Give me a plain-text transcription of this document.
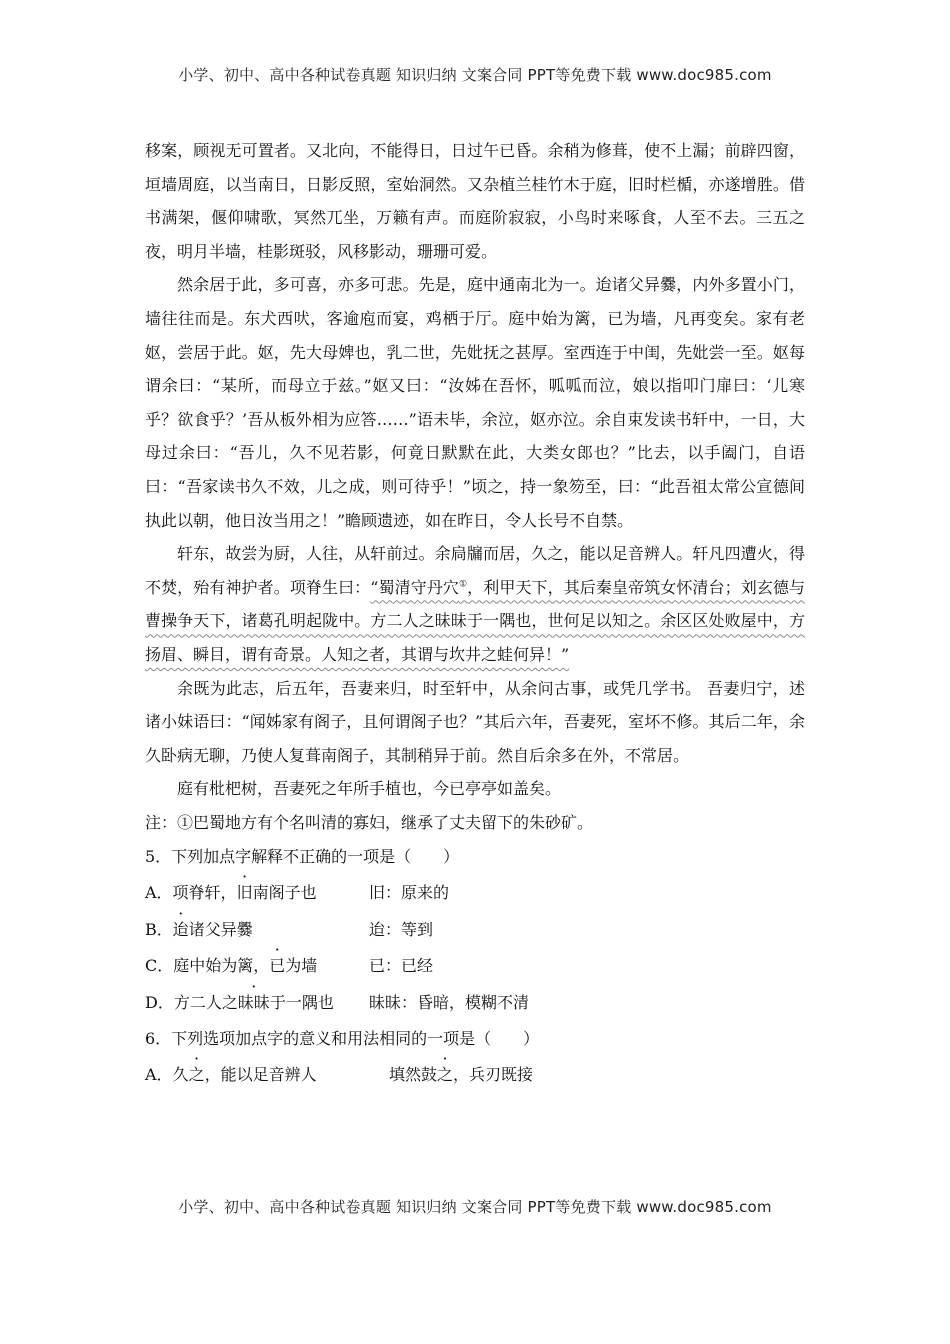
小学、初中、高中各种试卷真题 知识归纳 文案合同 PPT等免费下载 www.doc985.com

移案，顾视无可置者。又北向，不能得日，日过午已昏。余稍为修葺，使不上漏；前辟四窗，垣墙周庭，以当南日，日影反照，室始洞然。又杂植兰桂竹木于庭，旧时栏楯，亦遂增胜。借书满架，偃仰啸歌，冥然兀坐，万籁有声。而庭阶寂寂，小鸟时来啄食，人至不去。三五之夜，明月半墙，桂影斑驳，风移影动，珊珊可爱。

然余居于此，多可喜，亦多可悲。先是，庭中通南北为一。迨诸父异爨，内外多置小门，墙往往而是。东犬西吠，客逾庖而宴，鸡栖于厅。庭中始为篱，已为墙，凡再变矣。家有老妪，尝居于此。妪，先大母婢也，乳二世，先妣抚之甚厚。室西连于中闺，先妣尝一至。妪每谓余曰：“某所，而母立于兹。”妪又曰：“汝姊在吾怀，呱呱而泣，娘以指叩门扉曰：‘儿寒乎？欲食乎？’吾从板外相为应答……”语未毕，余泣，妪亦泣。余自束发读书轩中，一日，大母过余曰：“吾儿，久不见若影，何竟日默默在此，大类女郎也？”比去，以手阖门，自语曰：“吾家读书久不效，儿之成，则可待乎！”顷之，持一象笏至，曰：“此吾祖太常公宣德间执此以朝，他日汝当用之！”瞻顾遗迹，如在昨日，令人长号不自禁。

轩东，故尝为厨，人往，从轩前过。余扃牖而居，久之，能以足音辨人。轩凡四遭火，得不焚，殆有神护者。项脊生曰：“蜀清守丹穴①，利甲天下，其后秦皇帝筑女怀清台；刘玄德与曹操争天下，诸葛孔明起陇中。方二人之昧昧于一隅也，世何足以知之。余区区处败屋中，方扬眉、瞬目，谓有奇景。人知之者，其谓与坎井之蛙何异！”

余既为此志，后五年，吾妻来归，时至轩中，从余问古事，或凭几学书。 吾妻归宁，述诸小妹语曰：“闻姊家有阁子，且何谓阁子也？”其后六年，吾妻死，室坏不修。其后二年，余久卧病无聊，乃使人复葺南阁子，其制稍异于前。然自后余多在外，不常居。

庭有枇杷树，吾妻死之年所手植也，今已亭亭如盖矣。

注：①巴蜀地方有个名叫清的寡妇，继承了丈夫留下的朱砂矿。

5．下列加点字解释不正确的一项是（　　）

A．项脊轩，旧南阁子也	旧：原来的
B．迨诸父异爨	迨：等到
C．庭中始为篱，已为墙	已：已经
D．方二人之昧昧于一隅也	昧昧：昏暗，模糊不清

6．下列选项加点字的意义和用法相同的一项是（　　）

A．久之，能以足音辨人	填然鼓之，兵刃既接
小学、初中、高中各种试卷真题 知识归纳 文案合同 PPT等免费下载 www.doc985.com
